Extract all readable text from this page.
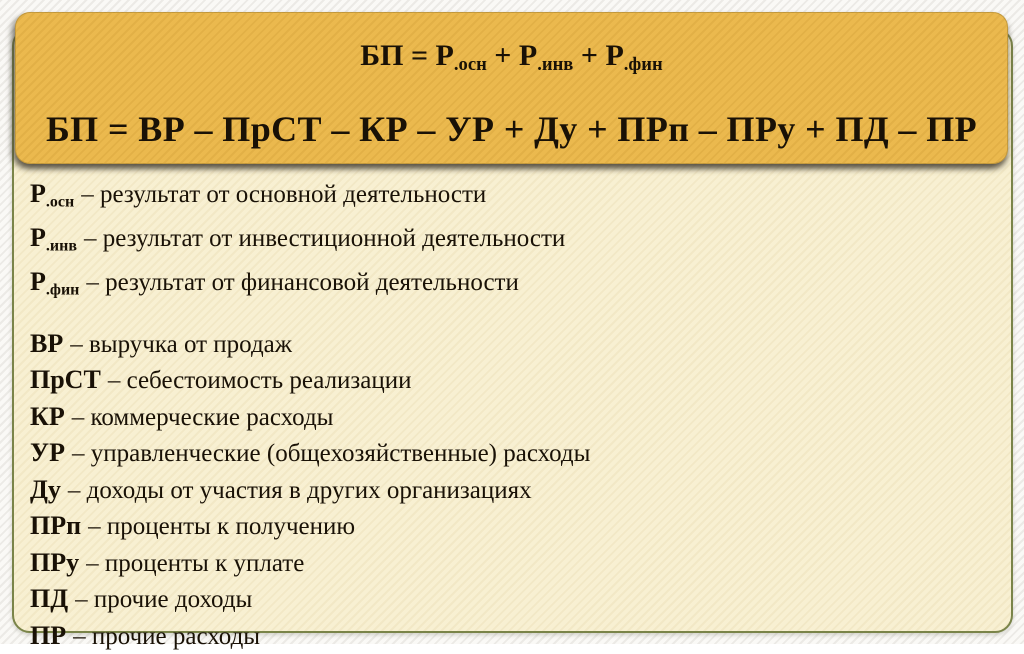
БП = $Р_{.осн} + Р_{.инв} + Р_{.фин}$
БП = ВР – ПрСТ – КР – УР + Ду + ПРп – ПРу + ПД – ПР
$Р_{.осн}$ – результат от основной деятельности
$Р_{.инв}$ – результат от инвестиционной деятельности
$Р_{.фин}$ – результат от финансовой деятельности
ВР – выручка от продаж
ПрСТ – себестоимость реализации
КР – коммерческие расходы
УР – управленческие (общехозяйственные) расходы
Ду – доходы от участия в других организациях
ПРп – проценты к получению
ПРу – проценты к уплате
ПД – прочие доходы
ПР – прочие расходы
